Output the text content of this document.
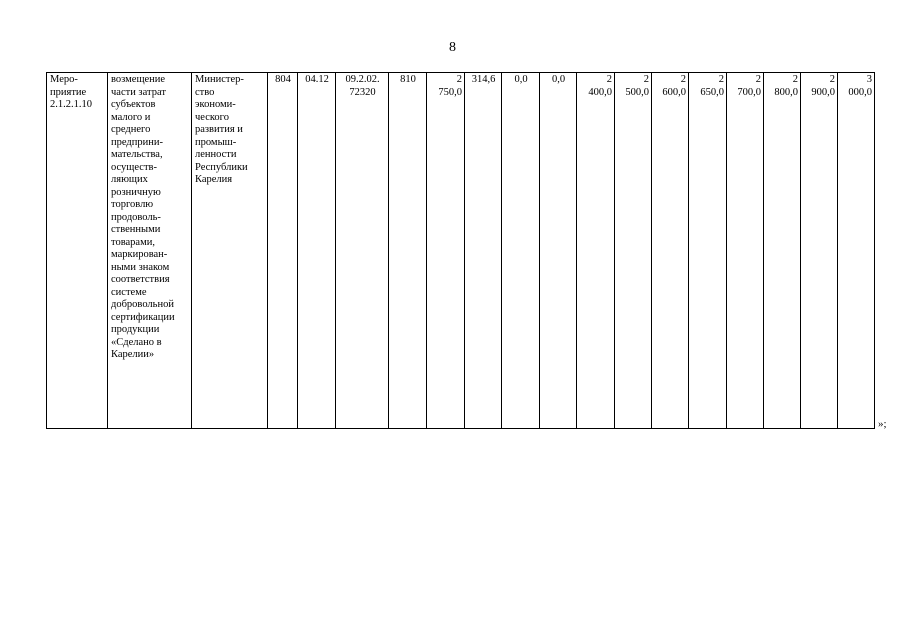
8
Меро-
приятие
2.1.2.1.10	возмещение
части затрат
субъектов
малого и
среднего
предприни-
мательства,
осуществ-
ляющих
розничную
торговлю
продоволь-
ственными
товарами,
маркирован-
ными знаком
соответствия
системе
добровольной
сертификации
продукции
«Сделано в
Карелии»	Министер-
ство
экономи-
ческого
развития и
промыш-
ленности
Республики
Карелия	804	04.12	09.2.02.
72320	810	2
750,0	314,6	0,0	0,0	2
400,0	2
500,0	2
600,0	2
650,0	2
700,0	2
800,0	2
900,0	3
000,0
»;
